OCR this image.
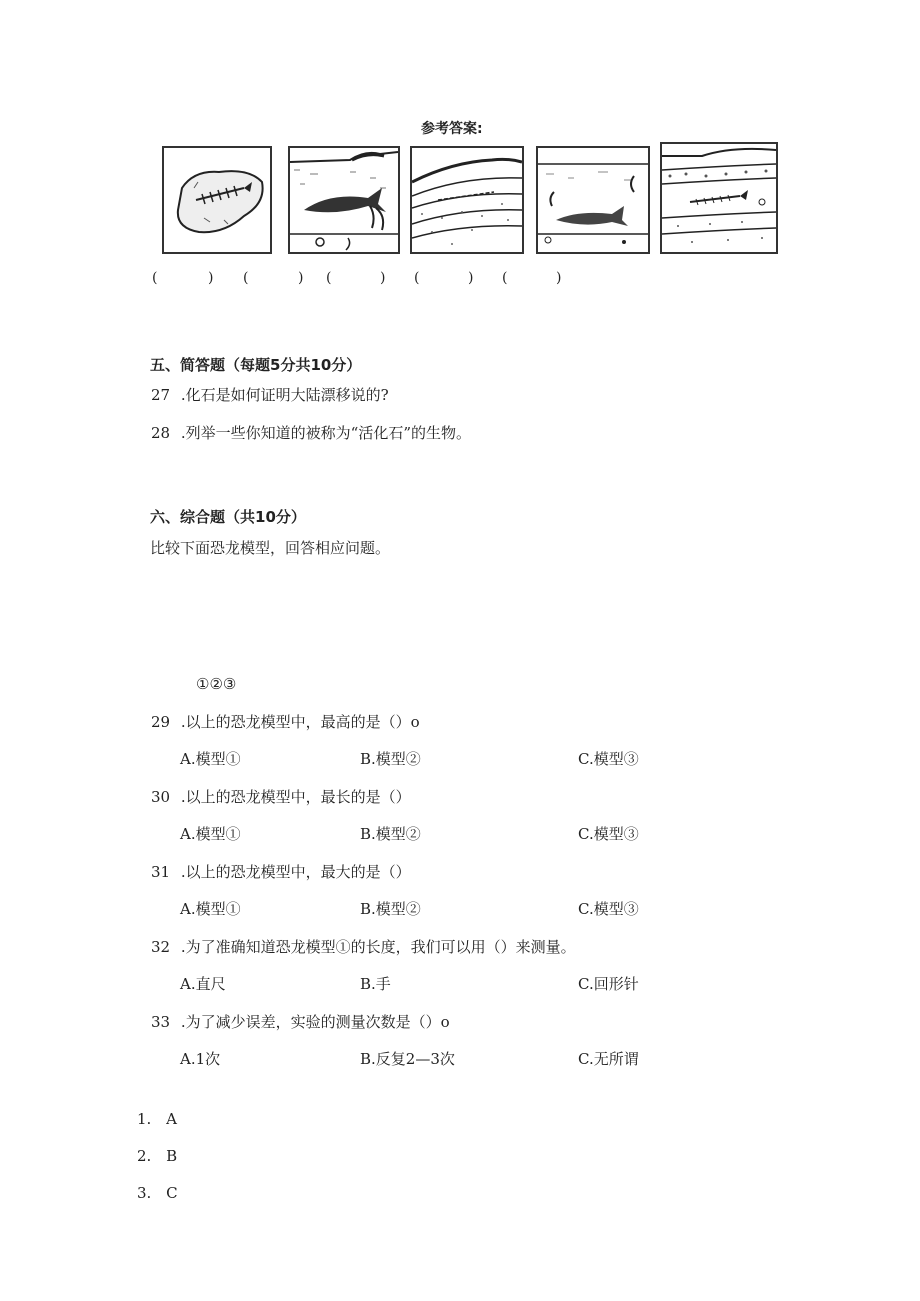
参考答案:
(	) (	) (	) (	) (	)
五、简答题（每题5分共10分）
27 .化石是如何证明大陆漂移说的?
28 .列举一些你知道的被称为“活化石”的生物。
六、综合题（共10分）
比较下面恐龙模型，回答相应问题。
①②③
29 .以上的恐龙模型中，最高的是（）o
A.模型①	B.模型②	C.模型③
30 .以上的恐龙模型中，最长的是（）
A.模型①	B.模型②	C.模型③
31 .以上的恐龙模型中，最大的是（）
A.模型①	B.模型②	C.模型③
32 .为了准确知道恐龙模型①的长度，我们可以用（）来测量。
A.直尺	B.手	C.回形针
33 .为了减少误差，实验的测量次数是（）o
A.1次	B.反复2—3次	C.无所谓
1. A
2. B
3. C
